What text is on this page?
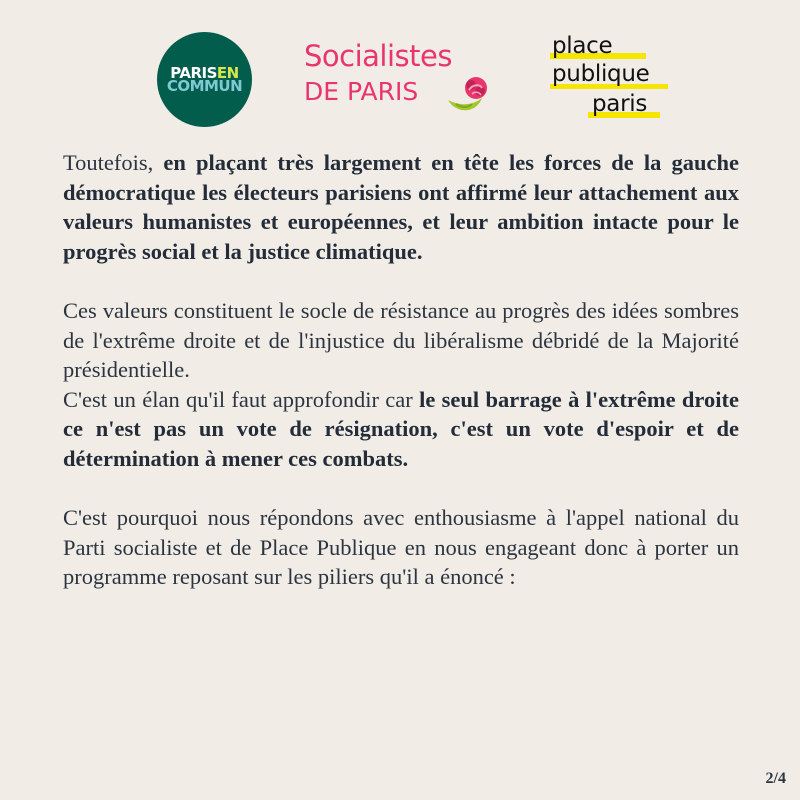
PARISEN
COMMUN
Socialistes
DE PARIS
place
publique
paris

Toutefois, en plaçant très largement en tête les forces de la gauche démocratique les électeurs parisiens ont affirmé leur attachement aux valeurs humanistes et européennes, et leur ambition intacte pour le progrès social et la justice climatique.

Ces valeurs constituent le socle de résistance au progrès des idées sombres de l'extrême droite et de l'injustice du libéralisme débridé de la Majorité présidentielle.

C'est un élan qu'il faut approfondir car le seul barrage à l'extrême droite ce n'est pas un vote de résignation, c'est un vote d'espoir et de détermination à mener ces combats.

C'est pourquoi nous répondons avec enthousiasme à l'appel national du Parti socialiste et de Place Publique en nous engageant donc à porter un programme reposant sur les piliers qu'il a énoncé :

2/4
